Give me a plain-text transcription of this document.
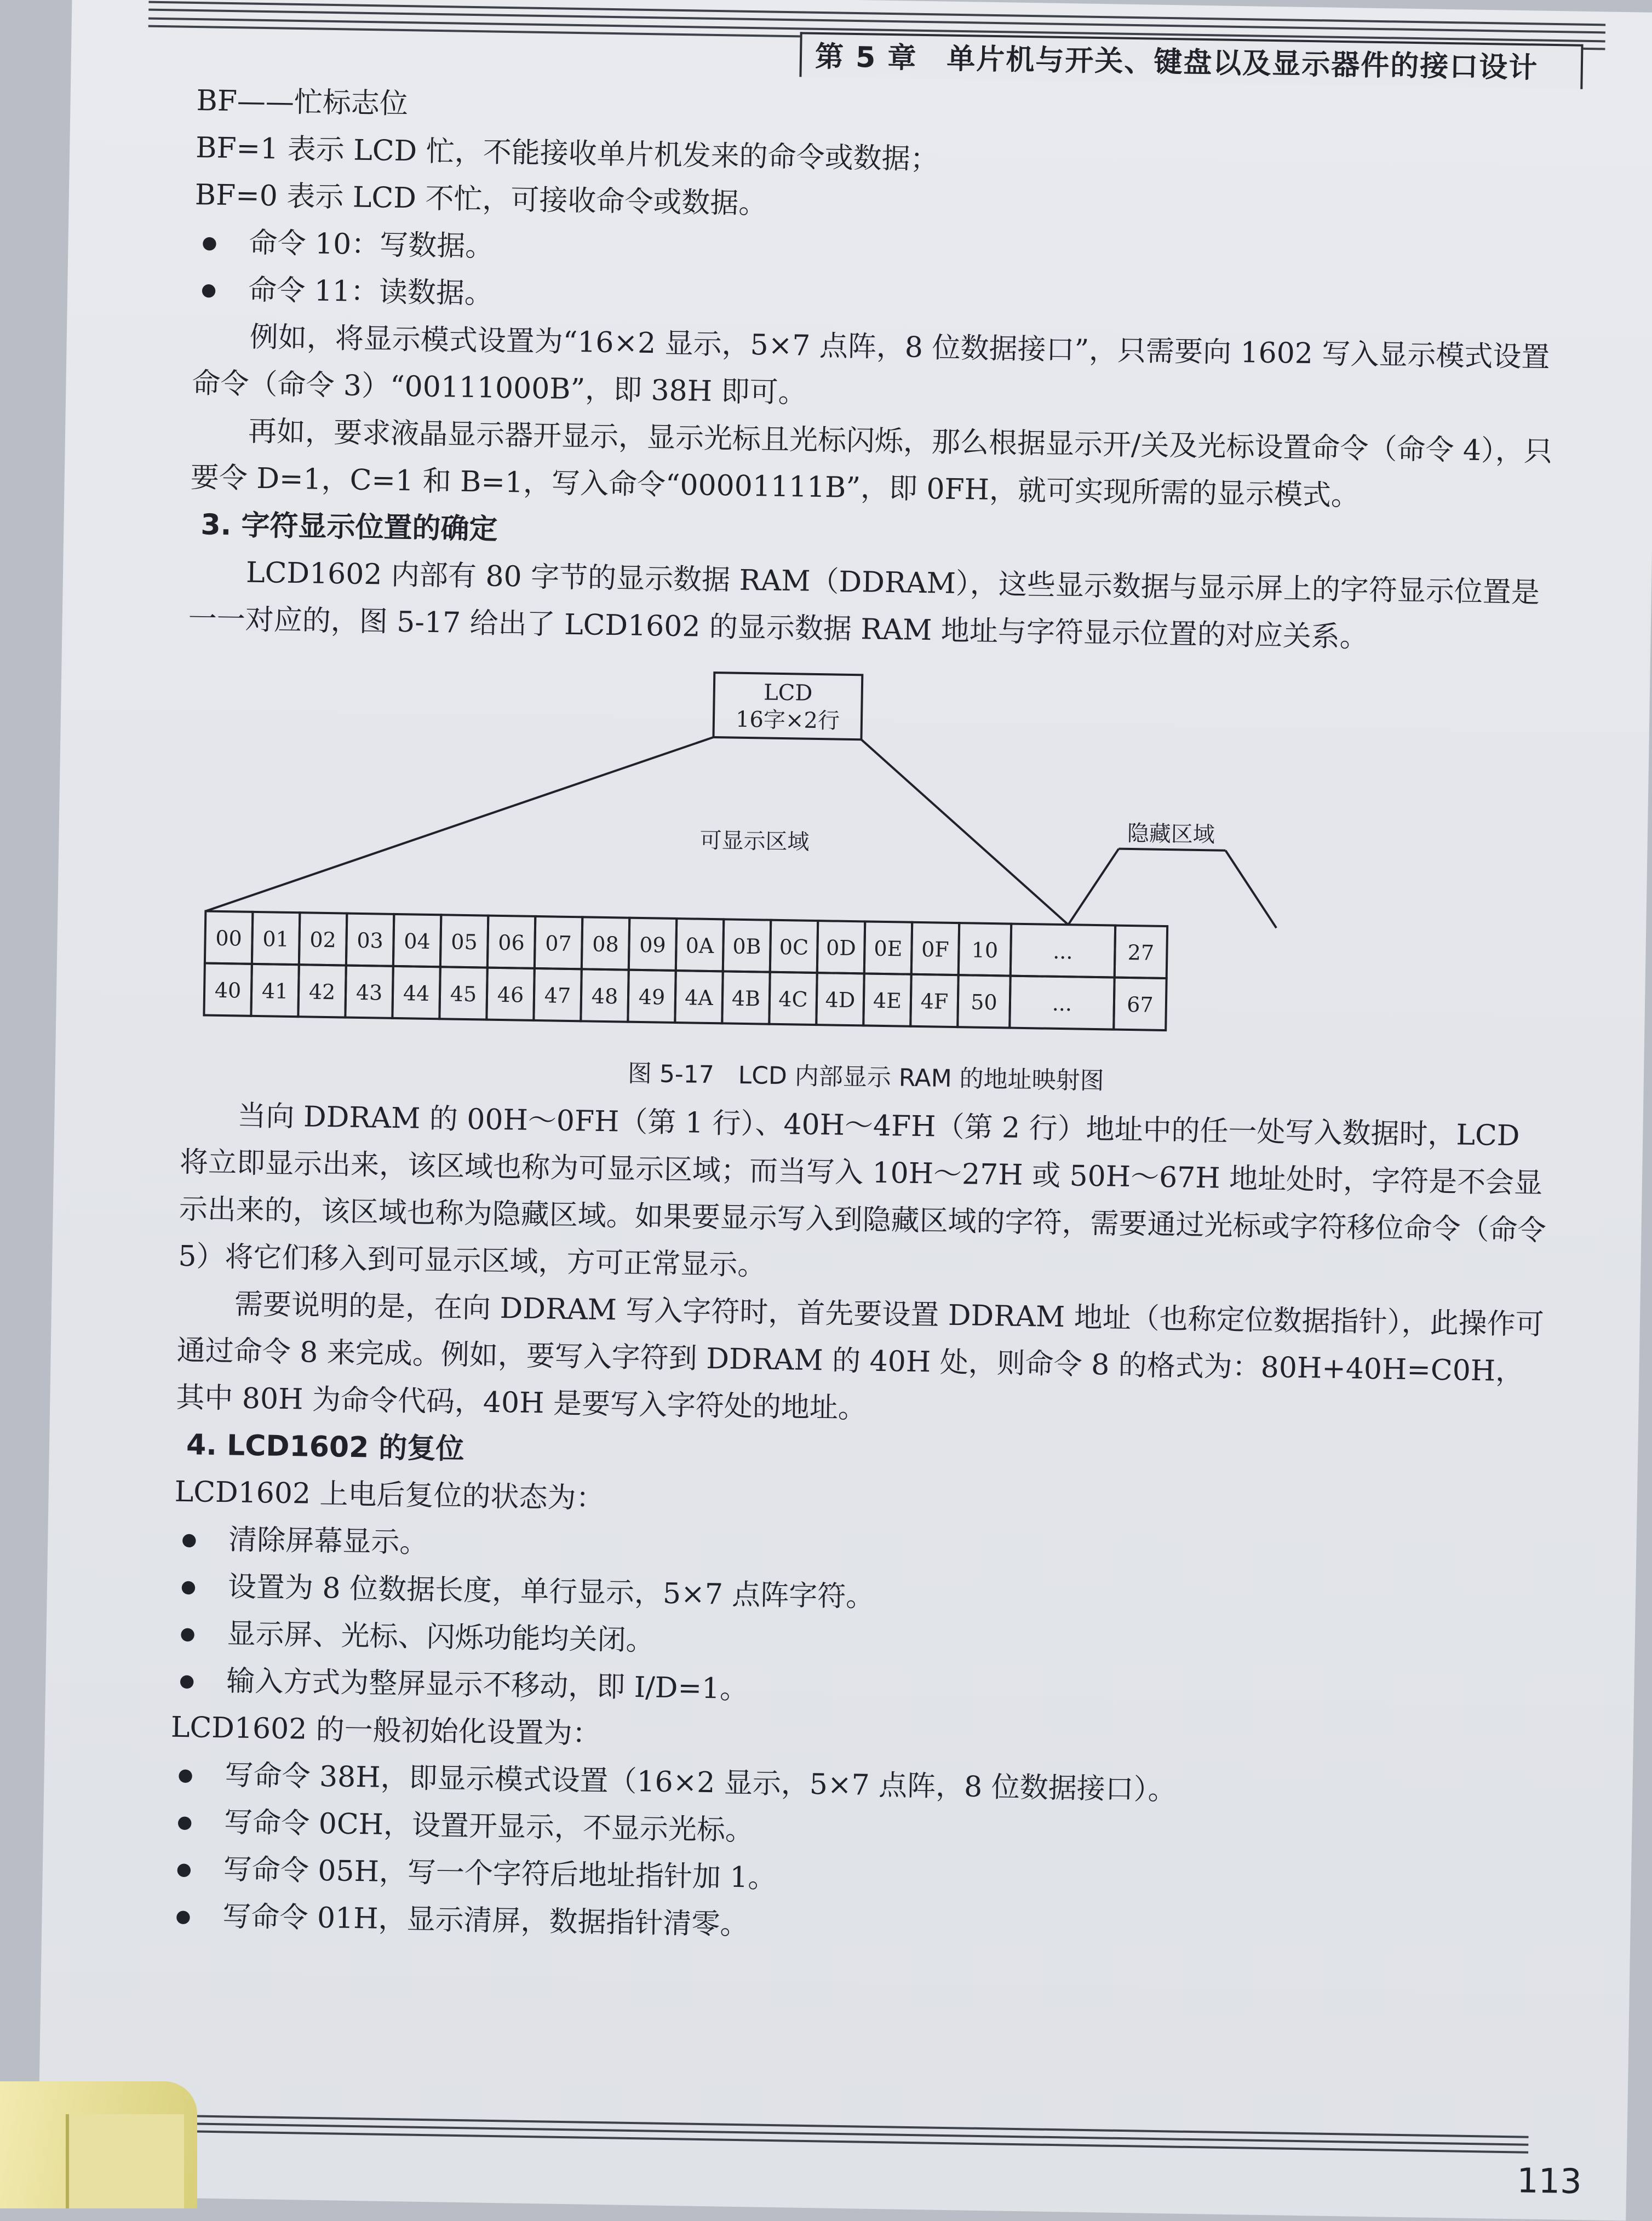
第 5 章　单片机与开关、键盘以及显示器件的接口设计

BF——忙标志位

BF=1 表示 LCD 忙，不能接收单片机发来的命令或数据；

BF=0 表示 LCD 不忙，可接收命令或数据。

● 命令 10：写数据。

● 命令 11：读数据。

例如，将显示模式设置为“16×2 显示，5×7 点阵，8 位数据接口”，只需要向 1602 写入显示模式设置命令（命令 3）“00111000B”，即 38H 即可。

再如，要求液晶显示器开显示，显示光标且光标闪烁，那么根据显示开/关及光标设置命令（命令 4），只要令 D=1，C=1 和 B=1，写入命令“00001111B”，即 0FH，就可实现所需的显示模式。

3. 字符显示位置的确定

LCD1602 内部有 80 字节的显示数据 RAM（DDRAM），这些显示数据与显示屏上的字符显示位置是一一对应的，图 5-17 给出了 LCD1602 的显示数据 RAM 地址与字符显示位置的对应关系。

LCD
16字×2行
可显示区域	隐藏区域
00 01 02 03 04 05 06 07 08 09 0A 0B 0C 0D 0E 0F 10	...	27
40 41 42 43 44 45 46 47 48 49 4A 4B 4C 4D 4E 4F 50	...	67
图 5-17　LCD 内部显示 RAM 的地址映射图

当向 DDRAM 的 00H～0FH（第 1 行）、40H～4FH（第 2 行）地址中的任一处写入数据时，LCD 将立即显示出来，该区域也称为可显示区域；而当写入 10H～27H 或 50H～67H 地址处时，字符是不会显示出来的，该区域也称为隐藏区域。如果要显示写入到隐藏区域的字符，需要通过光标或字符移位命令（命令 5）将它们移入到可显示区域，方可正常显示。

需要说明的是，在向 DDRAM 写入字符时，首先要设置 DDRAM 地址（也称定位数据指针），此操作可通过命令 8 来完成。例如，要写入字符到 DDRAM 的 40H 处，则命令 8 的格式为：80H+40H=C0H，其中 80H 为命令代码，40H 是要写入字符处的地址。

4. LCD1602 的复位

LCD1602 上电后复位的状态为：

● 清除屏幕显示。

● 设置为 8 位数据长度，单行显示，5×7 点阵字符。

● 显示屏、光标、闪烁功能均关闭。

● 输入方式为整屏显示不移动，即 I/D=1。

LCD1602 的一般初始化设置为：

● 写命令 38H，即显示模式设置（16×2 显示，5×7 点阵，8 位数据接口）。

● 写命令 0CH，设置开显示，不显示光标。

● 写命令 05H，写一个字符后地址指针加 1。

● 写命令 01H，显示清屏，数据指针清零。

113
